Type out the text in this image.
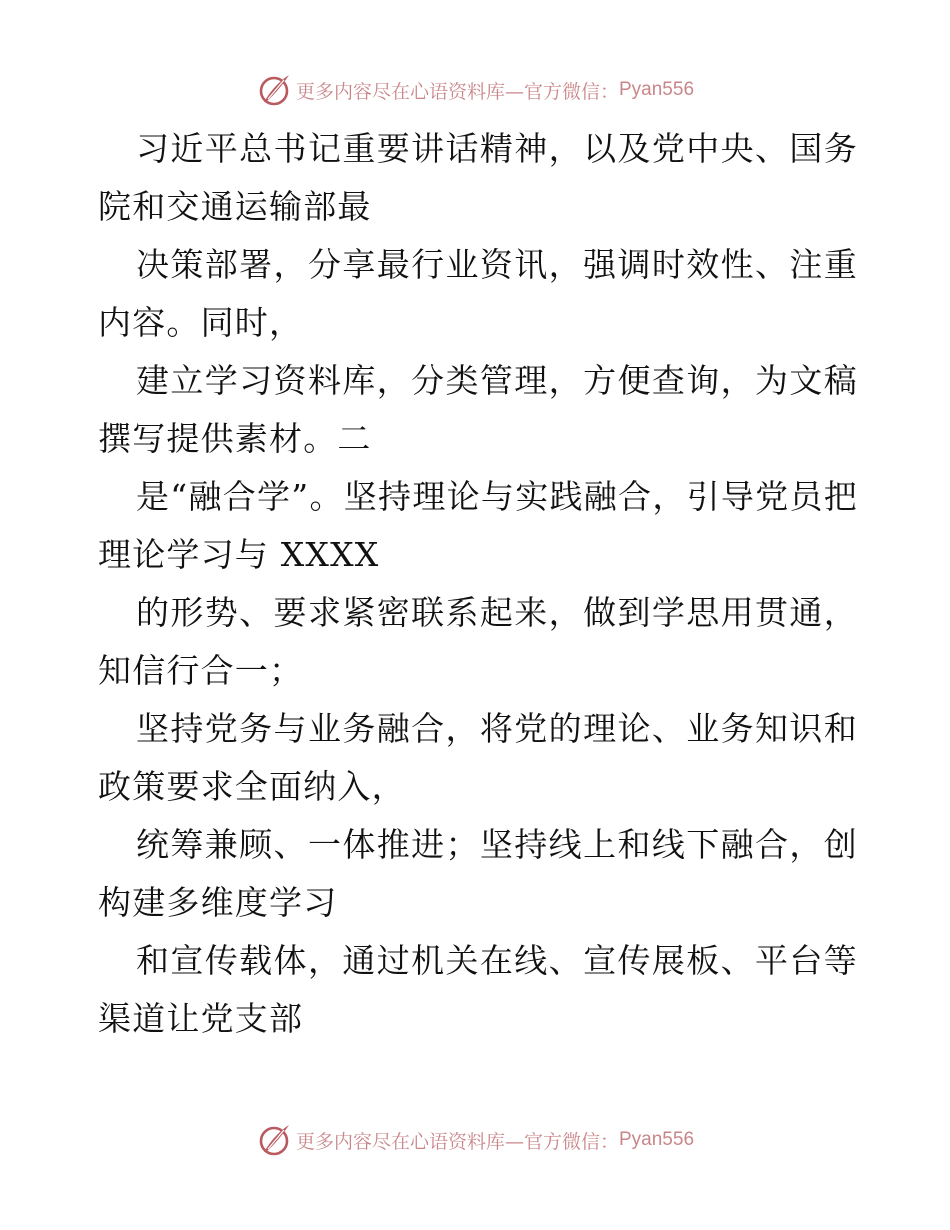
更多内容尽在心语资料库—官方微信： Pyan556

习近平总书记重要讲话精神，以及党中央、国务院和交通运输部最

决策部署，分享最行业资讯，强调时效性、注重内容。同时，

建立学习资料库，分类管理，方便查询，为文稿撰写提供素材。二

是“融合学”。坚持理论与实践融合，引导党员把理论学习与 XXXX

的形势、要求紧密联系起来，做到学思用贯通，知信行合一；

坚持党务与业务融合，将党的理论、业务知识和政策要求全面纳入，

统筹兼顾、一体推进；坚持线上和线下融合，创构建多维度学习

和宣传载体，通过机关在线、宣传展板、平台等渠道让党支部

更多内容尽在心语资料库—官方微信： Pyan556
